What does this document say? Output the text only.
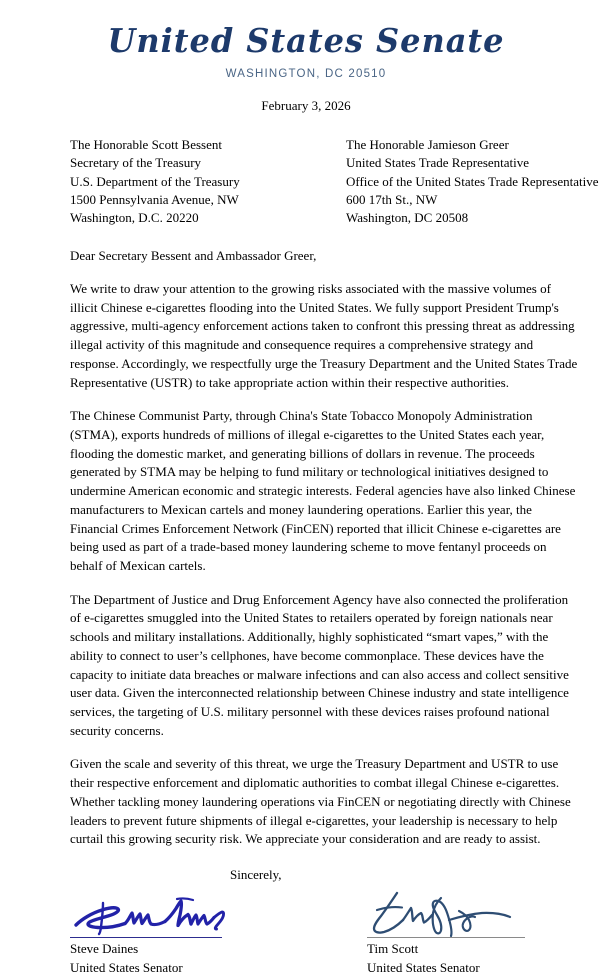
United States Senate
WASHINGTON, DC 20510
February 3, 2026
The Honorable Scott Bessent
Secretary of the Treasury
U.S. Department of the Treasury
1500 Pennsylvania Avenue, NW
Washington, D.C. 20220
The Honorable Jamieson Greer
United States Trade Representative
Office of the United States Trade Representative
600 17th St., NW
Washington, DC 20508
Dear Secretary Bessent and Ambassador Greer,
We write to draw your attention to the growing risks associated with the massive volumes of illicit Chinese e-cigarettes flooding into the United States. We fully support President Trump's aggressive, multi-agency enforcement actions taken to confront this pressing threat as addressing illegal activity of this magnitude and consequence requires a comprehensive strategy and response. Accordingly, we respectfully urge the Treasury Department and the United States Trade Representative (USTR) to take appropriate action within their respective authorities.
The Chinese Communist Party, through China's State Tobacco Monopoly Administration (STMA), exports hundreds of millions of illegal e-cigarettes to the United States each year, flooding the domestic market, and generating billions of dollars in revenue. The proceeds generated by STMA may be helping to fund military or technological initiatives designed to undermine American economic and strategic interests. Federal agencies have also linked Chinese manufacturers to Mexican cartels and money laundering operations. Earlier this year, the Financial Crimes Enforcement Network (FinCEN) reported that illicit Chinese e-cigarettes are being used as part of a trade-based money laundering scheme to move fentanyl proceeds on behalf of Mexican cartels.
The Department of Justice and Drug Enforcement Agency have also connected the proliferation of e-cigarettes smuggled into the United States to retailers operated by foreign nationals near schools and military installations. Additionally, highly sophisticated “smart vapes,” with the ability to connect to user’s cellphones, have become commonplace. These devices have the capacity to initiate data breaches or malware infections and can also access and collect sensitive user data. Given the interconnected relationship between Chinese industry and state intelligence services, the targeting of U.S. military personnel with these devices raises profound national security concerns.
Given the scale and severity of this threat, we urge the Treasury Department and USTR to use their respective enforcement and diplomatic authorities to combat illegal Chinese e-cigarettes. Whether tackling money laundering operations via FinCEN or negotiating directly with Chinese leaders to prevent future shipments of illegal e-cigarettes, your leadership is necessary to help curtail this growing security risk. We appreciate your consideration and are ready to assist.
Sincerely,
Steve Daines
United States Senator
Tim Scott
United States Senator
